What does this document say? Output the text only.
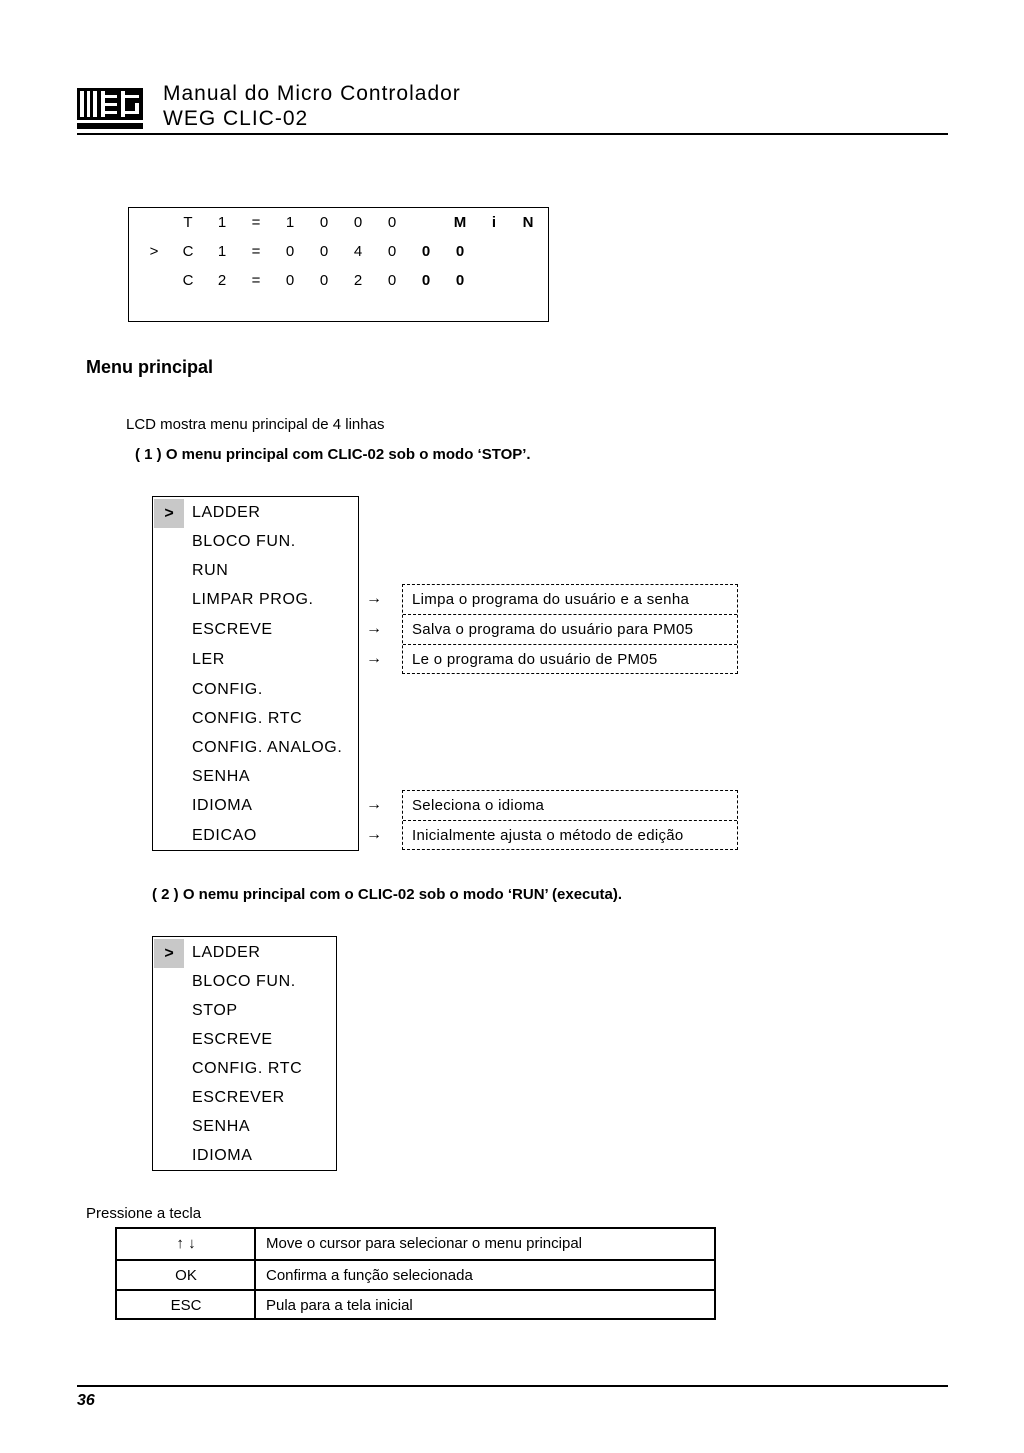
Manual do Micro Controlador
WEG CLIC-02
T	1	=	1	0	0	0	M	i	N
>	C	1	=	0	0	4	0	0	0
C	2	=	0	0	2	0	0	0
Menu principal
LCD mostra menu principal de 4 linhas
( 1 ) O menu principal com CLIC-02 sob o modo ‘STOP’.
>	LADDER
BLOCO FUN.
RUN
LIMPAR PROG.
ESCREVE
LER
CONFIG.
CONFIG. RTC
CONFIG. ANALOG.
SENHA
IDIOMA
EDICAO
Limpa o programa do usuário e a senha
Salva o programa do usuário para PM05
Le o programa do usuário de PM05
Seleciona o idioma
Inicialmente ajusta o método de edição
( 2 ) O nemu principal com o CLIC-02 sob o modo ‘RUN’ (executa).
>	LADDER
BLOCO FUN.
STOP
ESCREVE
CONFIG. RTC
ESCREVER
SENHA
IDIOMA
Pressione a tecla
↑ ↓	Move o cursor para selecionar o menu principal
OK	Confirma a função selecionada
ESC	Pula para a tela inicial
36
→
→
→
→
→
